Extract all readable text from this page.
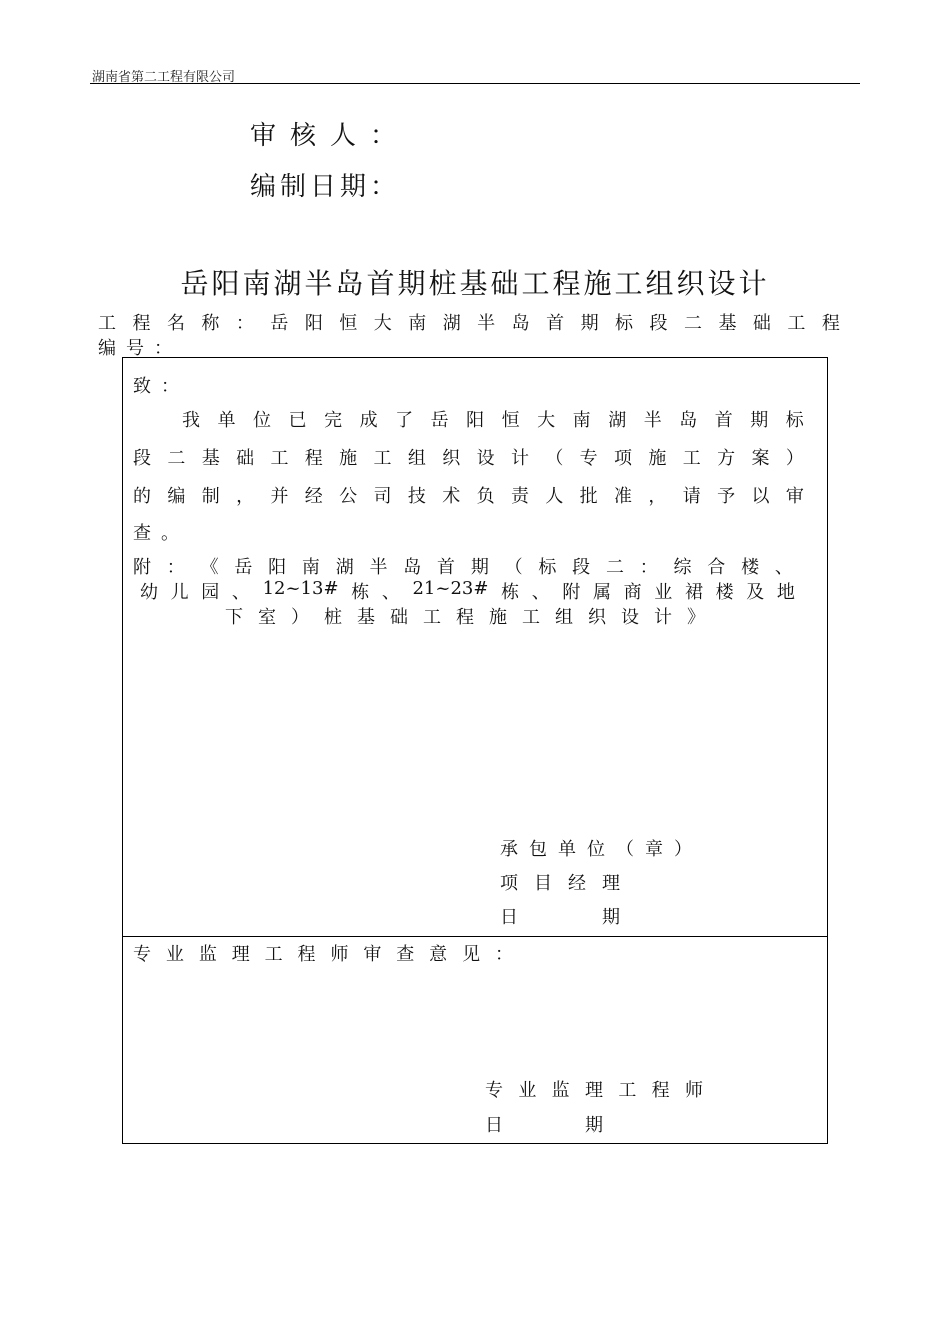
湖南省第二工程有限公司
审核人：
编制日期：
岳阳南湖半岛首期桩基础工程施工组织设计
工 程 名 称 ： 岳 阳 恒 大 南 湖 半 岛 首 期 标 段 二 基 础 工 程
编号：
致：
我 单 位 已 完 成 了 岳 阳 恒 大 南 湖 半 岛 首 期 标
段 二 基 础 工 程 施 工 组 织 设 计 （ 专 项 施 工 方 案 ）
的 编 制 ， 并 经 公 司 技 术 负 责 人 批 准 ， 请 予 以 审
查。
附 ： 《 岳 阳 南 湖 半 岛 首 期 （ 标 段 二 ： 综 合 楼 、
幼 儿 园 、 12~13# 栋 、 21~23# 栋 、 附 属 商 业 裙 楼 及 地
下 室 ） 桩 基 础 工 程 施 工 组 织 设 计 》
承 包 单 位 （ 章 ）
项 目 经 理
日	期
专 业 监 理 工 程 师 审 查 意 见 ：
专 业 监 理 工 程 师
日	期
